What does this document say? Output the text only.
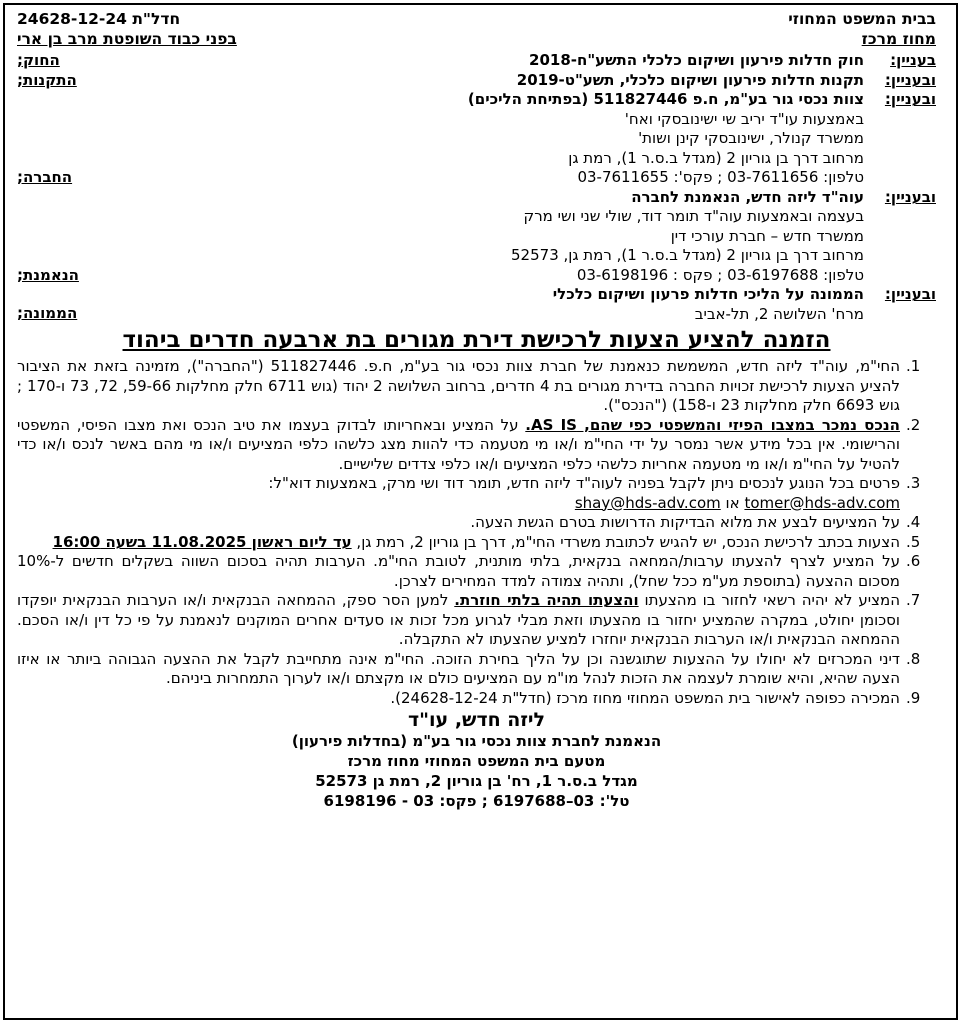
בבית המשפט המחוזי
חדל"ת 24628-12-24
מחוז מרכז
בפני כבוד השופטת מרב בן ארי
בעניין:
חוק חדלות פירעון ושיקום כלכלי התשע"ח-2018
החוק;
ובעניין:
תקנות חדלות פירעון ושיקום כלכלי, תשע"ט-2019
התקנות;
ובעניין:
צוות נכסי גור בע"מ, ח.פ 511827446 (בפתיחת הליכים)
באמצעות עו"ד יריב שי ישינובסקי ואח'
ממשרד קנולר, ישינובסקי קינן ושות'
מרחוב דרך בן גוריון 2 (מגדל ב.ס.ר 1), רמת גן
טלפון: 03-7611656 ; פקס': 03-7611655
החברה;
ובעניין:
עוה"ד ליזה חדש, הנאמנת לחברה
בעצמה ובאמצעות עוה"ד תומר דוד, שולי שני ושי מרק
ממשרד חדש – חברת עורכי דין
מרחוב דרך בן גוריון 2 (מגדל ב.ס.ר 1), רמת גן, 52573
טלפון: 03-6197688 ; פקס : 03-6198196
הנאמנת;
ובעניין:
הממונה על הליכי חדלות פרעון ושיקום כלכלי
מרח' השלושה 2, תל-אביב
הממונה;
הזמנה להציע הצעות לרכישת דירת מגורים בת ארבעה חדרים ביהוד
1.
החי"מ, עוה"ד ליזה חדש, המשמשת כנאמנת של חברת צוות נכסי גור בע"מ, ח.פ. 511827446 ("החברה"), מזמינה בזאת את הציבור להציע הצעות לרכישת זכויות החברה בדירת מגורים בת 4 חדרים, ברחוב השלושה 2 יהוד (גוש 6711 חלק מחלקות 59-66, 72, 73 ו-170 ; גוש 6693 חלק מחלקות 23 ו-158) ("הנכס").
2.
הנכס נמכר במצבו הפיזי והמשפטי כפי שהם, AS IS. על המציע ובאחריותו לבדוק בעצמו את טיב הנכס ואת מצבו הפיסי, המשפטי והרישומי. אין בכל מידע אשר נמסר על ידי החי"מ ו/או מי מטעמה כדי להוות מצג כלשהו כלפי המציעים ו/או מי מהם באשר לנכס ו/או כדי להטיל על החי"מ ו/או מי מטעמה אחריות כלשהי כלפי המציעים ו/או כלפי צדדים שלישיים.
3.
פרטים בכל הנוגע לנכסים ניתן לקבל בפניה לעוה"ד ליזה חדש, תומר דוד ושי מרק, באמצעות דוא"ל:
tomer@hds-adv.com או shay@hds-adv.com
4.
על המציעים לבצע את מלוא הבדיקות הדרושות בטרם הגשת הצעה.
5.
הצעות בכתב לרכישת הנכס, יש להגיש לכתובת משרדי החי"מ, דרך בן גוריון 2, רמת גן, עד ליום ראשון 11.08.2025 בשעה 16:00
6.
על המציע לצרף להצעתו ערבות/המחאה בנקאית, בלתי מותנית, לטובת החי"מ. הערבות תהיה בסכום השווה בשקלים חדשים ל-10% מסכום ההצעה (בתוספת מע"מ ככל שחל), ותהיה צמודה למדד המחירים לצרכן.
7.
המציע לא יהיה רשאי לחזור בו מהצעתו והצעתו תהיה בלתי חוזרת. למען הסר ספק, ההמחאה הבנקאית ו/או הערבות הבנקאית יופקדו וסכומן יחולט, במקרה שהמציע יחזור בו מהצעתו וזאת מבלי לגרוע מכל זכות או סעדים אחרים המוקנים לנאמנת על פי כל דין ו/או הסכם. ההמחאה הבנקאית ו/או הערבות הבנקאית יוחזרו למציע שהצעתו לא התקבלה.
8.
דיני המכרזים לא יחולו על ההצעות שתוגשנה וכן על הליך בחירת הזוכה. החי"מ אינה מתחייבת לקבל את ההצעה הגבוהה ביותר או איזו הצעה שהיא, והיא שומרת לעצמה את הזכות לנהל מו"מ עם המציעים כולם או מקצתם ו/או לערוך התמחרות ביניהם.
9.
המכירה כפופה לאישור בית המשפט המחוזי מחוז מרכז (חדל"ת 24628-12-24).
ליזה חדש, עו"ד
הנאמנת לחברת צוות נכסי גור בע"מ (בחדלות פירעון)
מטעם בית המשפט המחוזי מחוז מרכז
מגדל ב.ס.ר 1, רח' בן גוריון 2, רמת גן 52573
טל': 03–6197688 ; פקס: 03 - 6198196
